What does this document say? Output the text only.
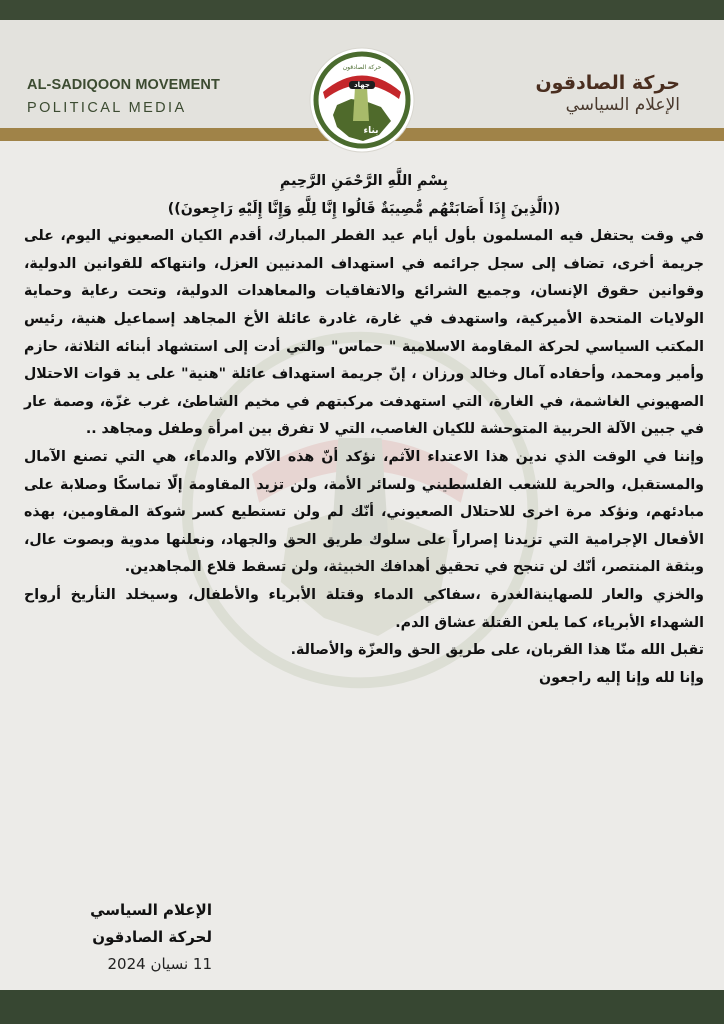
AL-SADIQOON MOVEMENT
POLITICAL MEDIA
حركة الصادقون
الإعلام السياسي
حركة الصادقون
جهاد
بناء

بِسْمِ اللَّهِ الرَّحْمَنِ الرَّحِيمِ

((الَّذِينَ إِذَا أَصَابَتْهُم مُّصِيبَةٌ قَالُوا إِنَّا لِلَّهِ وَإِنَّا إِلَيْهِ رَاجِعونَ))

في وقت يحتفل فيه المسلمون بأول أيام عيد الفطر المبارك، أقدم الكيان الصعيوني اليوم، على جريمة أخرى، تضاف إلى سجل جرائمه في استهداف المدنيين العزل، وانتهاكه للقوانين الدولية، وقوانين حقوق الإنسان، وجميع الشرائع والاتفاقيات والمعاهدات الدولية، وتحت رعاية وحماية الولايات المتحدة الأميركية، واستهدف في غارة، غادرة عائلة الأخ المجاهد إسماعيل هنية، رئيس المكتب السياسي لحركة المقاومة الاسلامية " حماس" والتي أدت إلى استشهاد أبنائه الثلاثة، حازم وأمير ومحمد، وأحفاده آمال وخالد ورزان ، إنّ جريمة استهداف عائلة "هنية" على يد قوات الاحتلال الصهيوني الغاشمة، في الغارة، التي استهدفت مركبتهم في مخيم الشاطئ، غرب غزّة، وصمة عار في جبين الآلة الحربية المتوحشة للكيان الغاصب، التي لا تفرق بين امرأة وطفل ومجاهد ..

وإننا في الوقت الذي ندين هذا الاعتداء الآثم، نؤكد أنّ هذه الآلام والدماء، هي التي تصنع الآمال والمستقبل، والحرية للشعب الفلسطيني ولسائر الأمة، ولن تزيد المقاومة إلّا تماسكًا وصلابة على مبادئهم، ونؤكد مرة اخرى للاحتلال الصعيوني، أنّك لم ولن تستطيع كسر شوكة المقاومين، بهذه الأفعال الإجرامية التي تزيدنا إصراراً على سلوك طريق الحق والجهاد، ونعلنها مدوية وبصوت عال، وبثقة المنتصر، أنّك لن تنجح في تحقيق أهدافك الخبيثة، ولن تسقط قلاع المجاهدين.

والخزي والعار للصهاينةالغدرة ،سفاكي الدماء وقتلة الأبرياء والأطفال، وسيخلد التأريخ أرواح الشهداء الأبرياء، كما يلعن القتلة عشاق الدم.

تقبل الله منّا هذا القربان، على طريق الحق والعزّة والأصالة.

وإنا لله وإنا إليه راجعون

الإعلام السياسي
لحركة الصادقون
11 نسيان 2024
